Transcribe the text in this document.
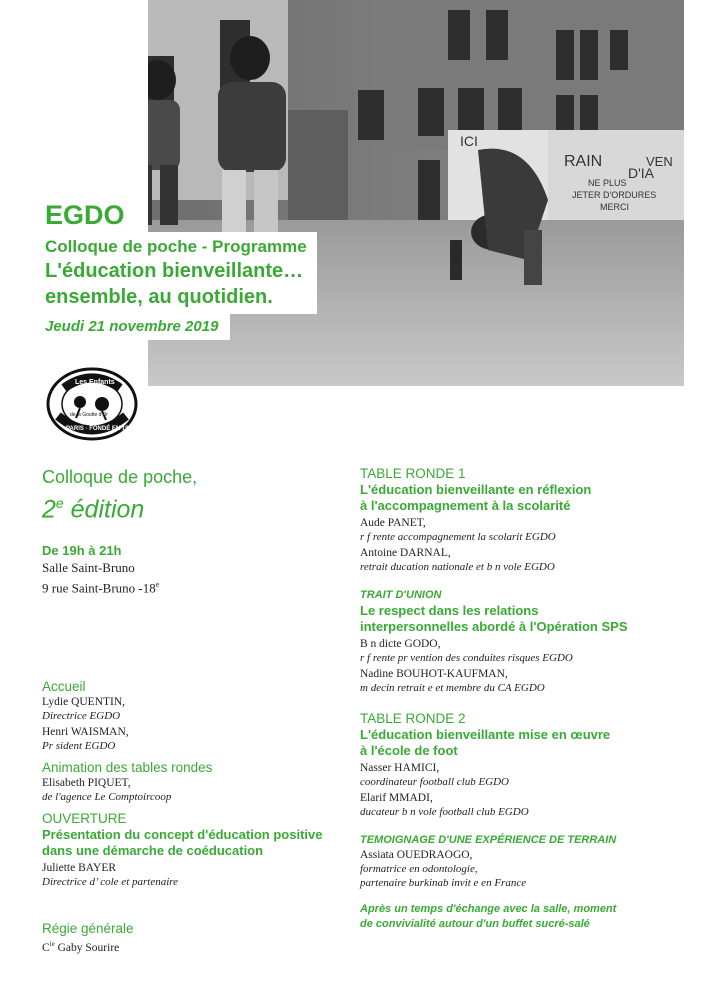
ICI
RAIN
D'IA
VEN
NE PLUS
JETER D'ORDURES
MERCI
EGDO
Colloque de poche - Programme
L'éducation bienveillante…
ensemble, au quotidien.
Jeudi 21 novembre 2019
Les Enfants
de la Goutte d'Or
PARIS · FONDÉ EN 1978
Colloque de poche,
2e édition
De 19h à 21h
Salle Saint-Bruno
9 rue Saint-Bruno -18e
Accueil
Lydie QUENTIN,
Directrice EGDO
Henri WAISMAN,
Pr sident EGDO
Animation des tables rondes
Elisabeth PIQUET,
de l'agence Le Comptoircoop
OUVERTURE
Présentation du concept d'éducation positive
dans une démarche de coéducation
Juliette BAYER
Directrice d’ cole et partenaire
Régie générale
$C^{ie}$ Gaby Sourire
TABLE RONDE 1
L'éducation bienveillante en réflexion
à l'accompagnement à la scolarité
Aude PANET,
r f rente accompagnement la scolarit EGDO
Antoine DARNAL,
retrait ducation nationale et b n vole EGDO
TRAIT D'UNION
Le respect dans les relations
interpersonnelles abordé à l'Opération SPS
B n dicte GODO,
r f rente pr vention des conduites risques EGDO
Nadine BOUHOT-KAUFMAN,
m decin retrait e et membre du CA EGDO
TABLE RONDE 2
L'éducation bienveillante mise en œuvre
à l'école de foot
Nasser HAMICI,
coordinateur football club EGDO
Elarif MMADI,
ducateur b n vole football club EGDO
TEMOIGNAGE D'UNE EXPÉRIENCE DE TERRAIN
Assiata OUEDRAOGO,
formatrice en odontologie,
partenaire burkinab invit e en France
Après un temps d'échange avec la salle, moment
de convivialité autour d'un buffet sucré-salé
